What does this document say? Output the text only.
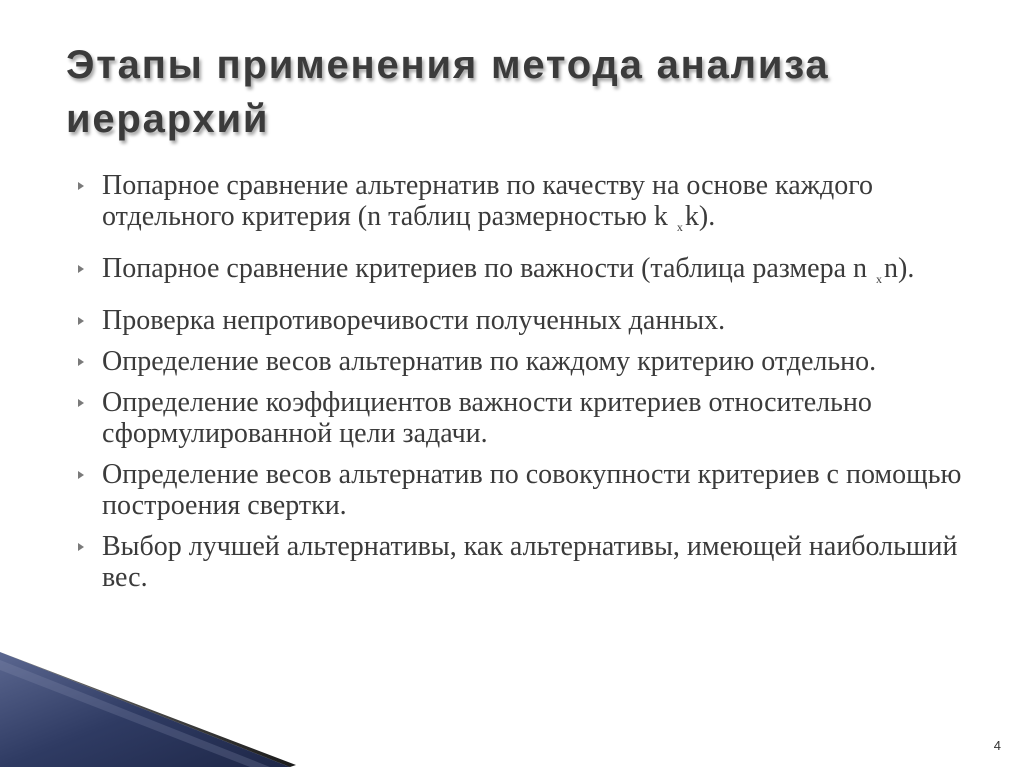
Этапы применения метода анализа иерархий
Попарное сравнение альтернатив по качеству на основе каждого отдельного критерия (n таблиц размерностью k $_x$k).
Попарное сравнение критериев по важности (таблица размера n $_x$n).
Проверка непротиворечивости полученных данных.
Определение весов альтернатив по каждому критерию отдельно.
Определение коэффициентов важности критериев относительно сформулированной цели задачи.
Определение весов альтернатив по совокупности критериев с помощью построения свертки.
Выбор лучшей альтернативы, как альтернативы, имеющей наибольший вес.
4
